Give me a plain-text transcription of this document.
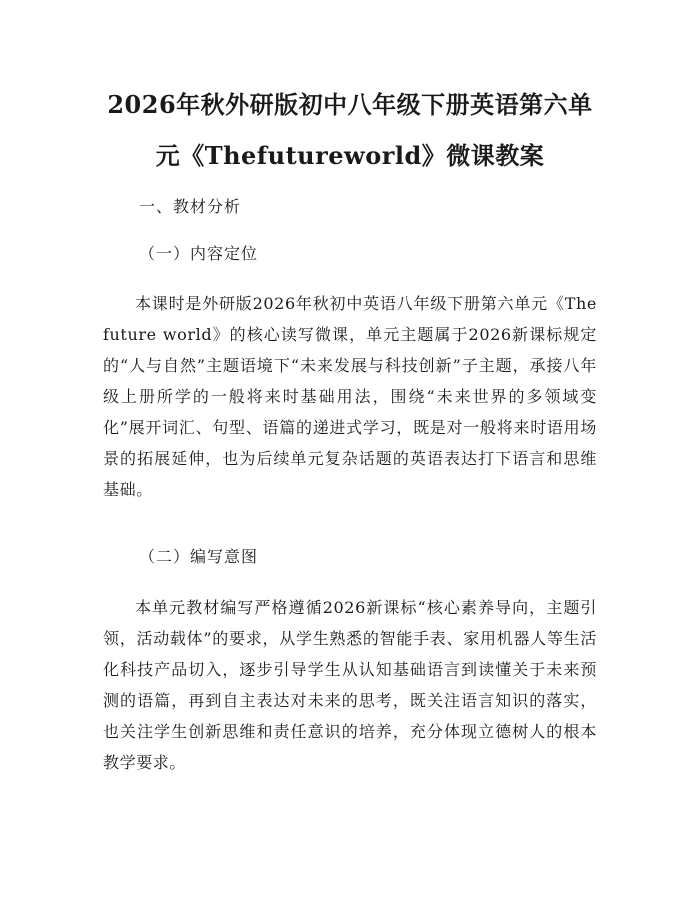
2026年秋外研版初中八年级下册英语第六单
元《Thefutureworld》微课教案
一、教材分析
（一）内容定位
本课时是外研版2026年秋初中英语八年级下册第六单元《The future world》的核心读写微课，单元主题属于2026新课标规定的“人与自然”主题语境下“未来发展与科技创新”子主题，承接八年级上册所学的一般将来时基础用法，围绕“未来世界的多领域变化”展开词汇、句型、语篇的递进式学习，既是对一般将来时语用场景的拓展延伸，也为后续单元复杂话题的英语表达打下语言和思维基础。
（二）编写意图
本单元教材编写严格遵循2026新课标“核心素养导向，主题引领，活动载体”的要求，从学生熟悉的智能手表、家用机器人等生活化科技产品切入，逐步引导学生从认知基础语言到读懂关于未来预测的语篇，再到自主表达对未来的思考，既关注语言知识的落实，也关注学生创新思维和责任意识的培养，充分体现立德树人的根本教学要求。
